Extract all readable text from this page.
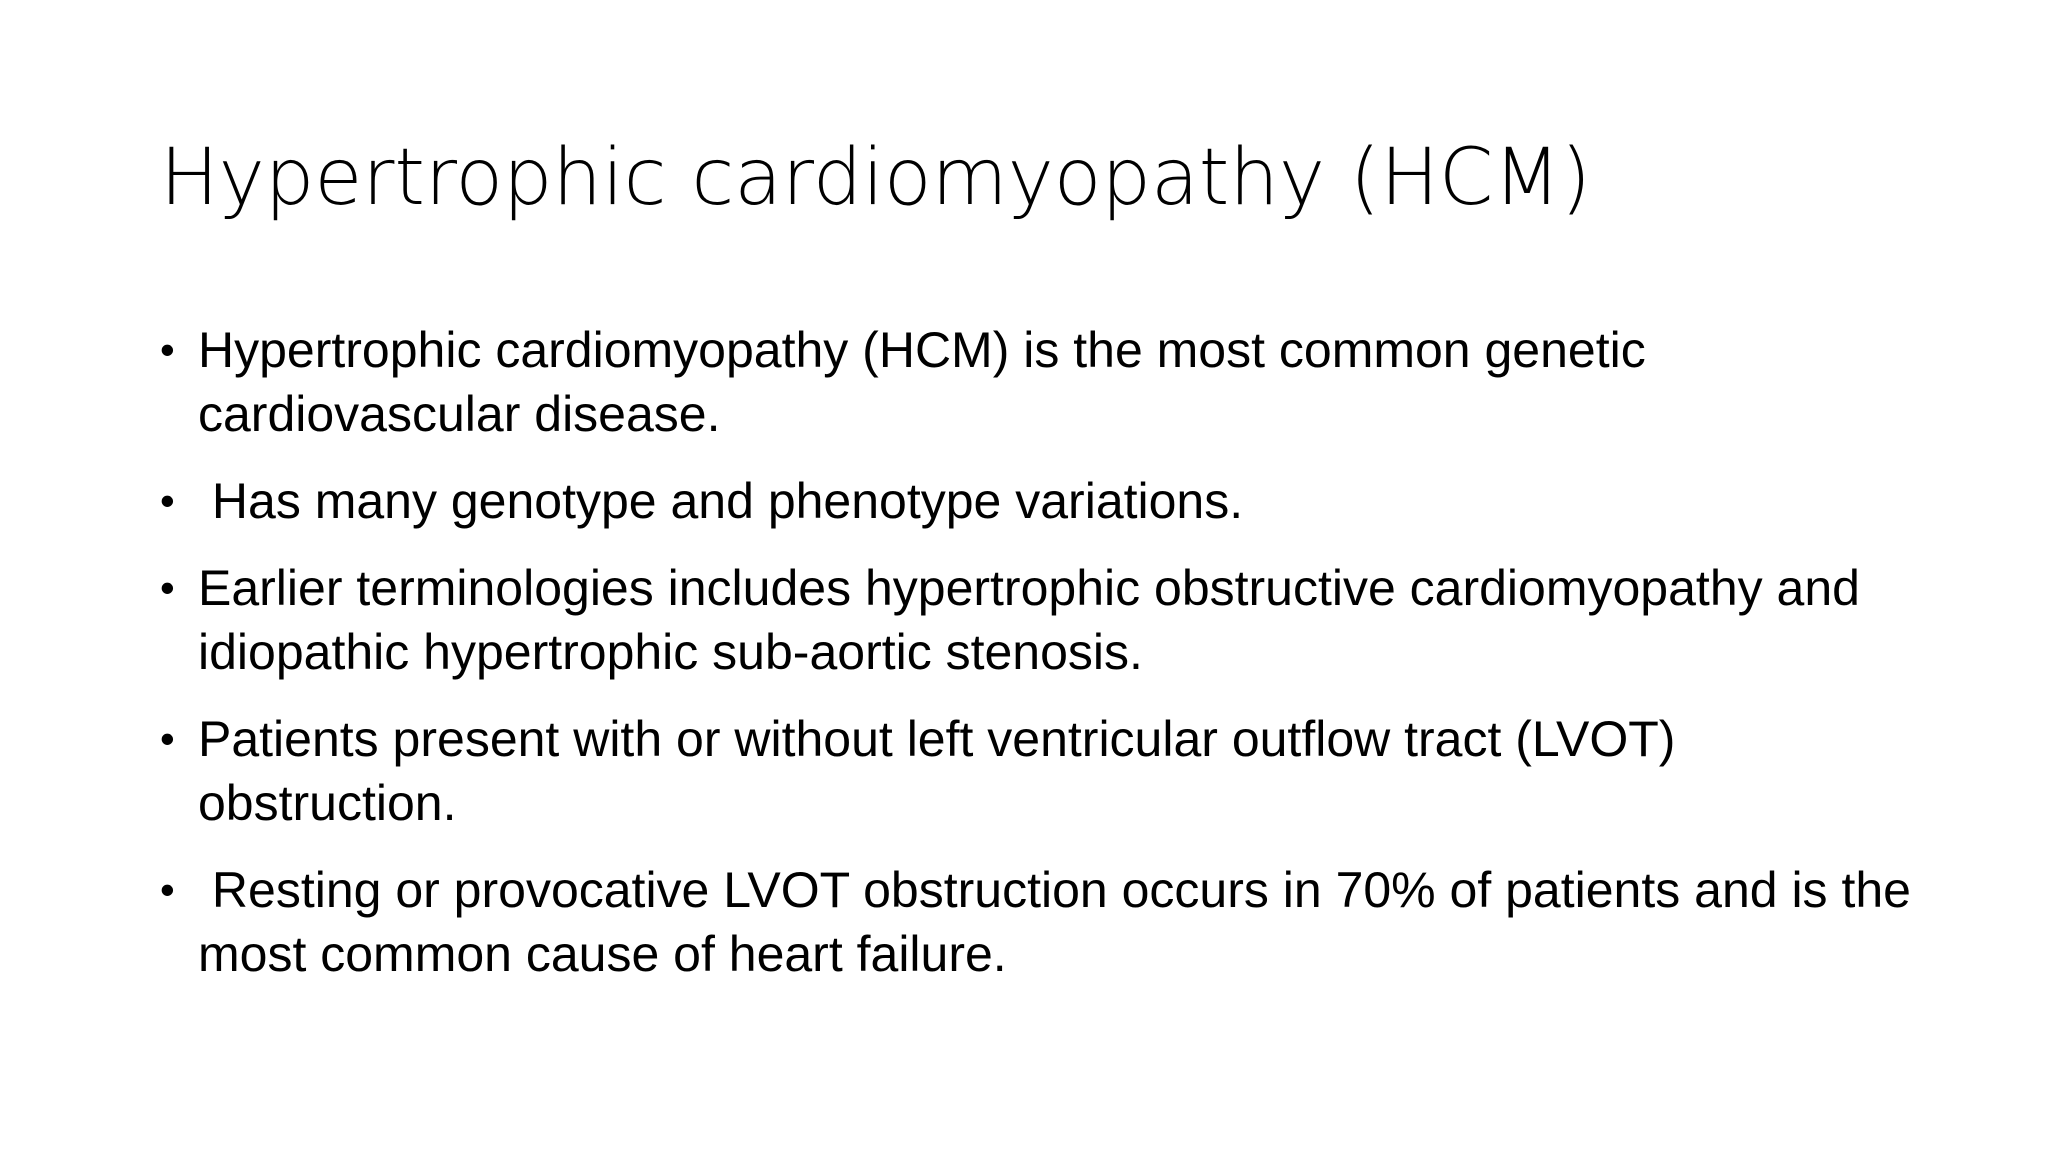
Hypertrophic cardiomyopathy (HCM)
• Hypertrophic cardiomyopathy (HCM) is the most common genetic cardiovascular disease.
• Has many genotype and phenotype variations.
• Earlier terminologies includes hypertrophic obstructive cardiomyopathy and idiopathic hypertrophic sub-aortic stenosis.
• Patients present with or without left ventricular outflow tract (LVOT) obstruction.
• Resting or provocative LVOT obstruction occurs in 70% of patients and is the most common cause of heart failure.
